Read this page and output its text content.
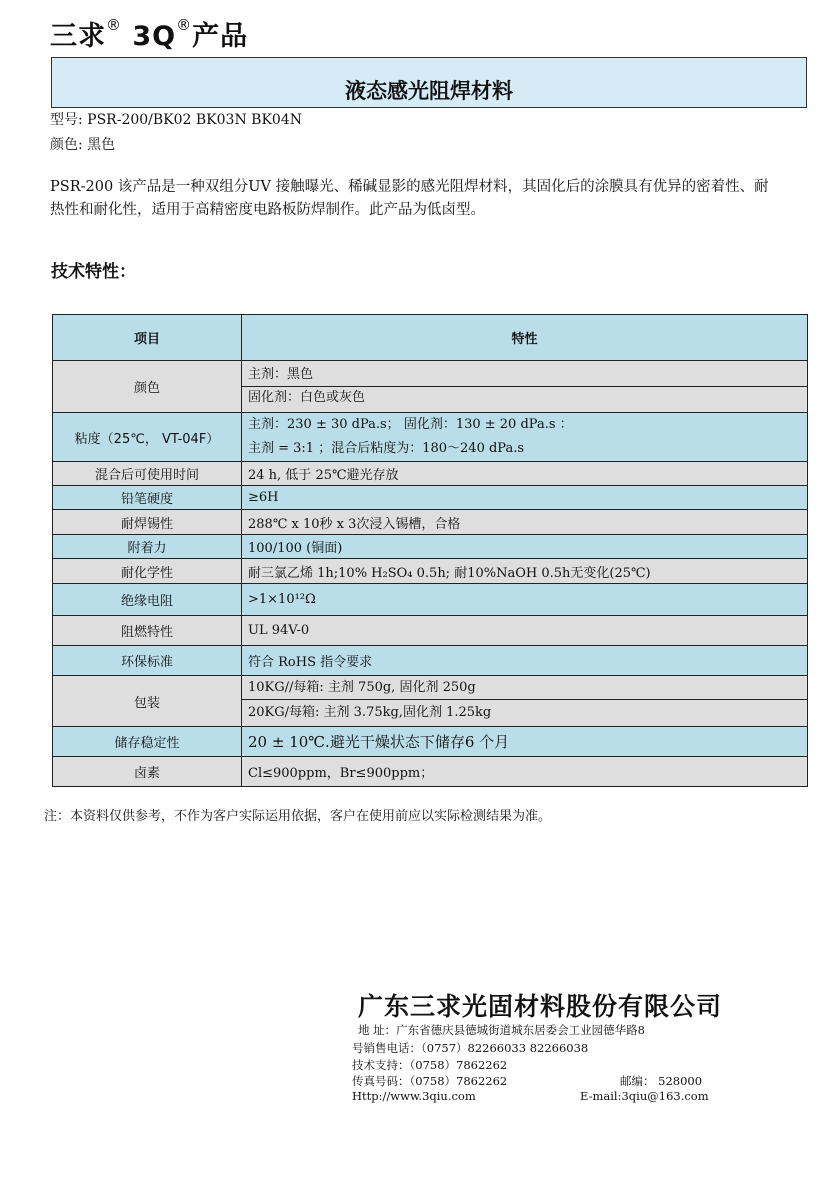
三求® 3Q®产品
液态感光阻焊材料
型号: PSR-200/BK02 BK03N BK04N
颜色: 黑色
PSR-200 该产品是一种双组分UV 接触曝光、稀碱显影的感光阻焊材料，其固化后的涂膜具有优异的密着性、耐热性和耐化性，适用于高精密度电路板防焊制作。此产品为低卤型。
技术特性：
项目	特性
颜色	主剂：黑色
固化剂：白色或灰色

粘度（25℃， VT-04F）	主剂：230 ± 30 dPa.s； 固化剂：130 ± 20 dPa.s ：
主剂 = 3:1 ；混合后粘度为：180～240 dPa.s

混合后可使用时间	24 h, 低于 25℃避光存放
铅笔硬度	≥6H
耐焊锡性	288℃ x 10秒 x 3次浸入锡槽，合格
附着力	100/100 (铜面)
耐化学性	耐三氯乙烯 1h;10% H₂SO₄ 0.5h; 耐10%NaOH 0.5h无变化(25℃)
绝缘电阻	>1×10¹²Ω
阻燃特性	UL 94V-0
环保标准	符合 RoHS 指令要求
包装	10KG//每箱: 主剂 750g, 固化剂 250g
20KG/每箱: 主剂 3.75kg,固化剂 1.25kg

储存稳定性	20 ± 10℃.避光干燥状态下储存6 个月
卤素	Cl≤900ppm，Br≤900ppm；
注：本资料仅供参考，不作为客户实际运用依据，客户在使用前应以实际检测结果为准。
广东三求光固材料股份有限公司
地 址：广东省德庆县德城街道城东居委会工业园德华路8
号销售电话：（0757）82266033 82266038
技术支持：（0758）7862262
传真号码：（0758）7862262	邮编： 528000
Http://www.3qiu.com	E-mail:3qiu@163.com
